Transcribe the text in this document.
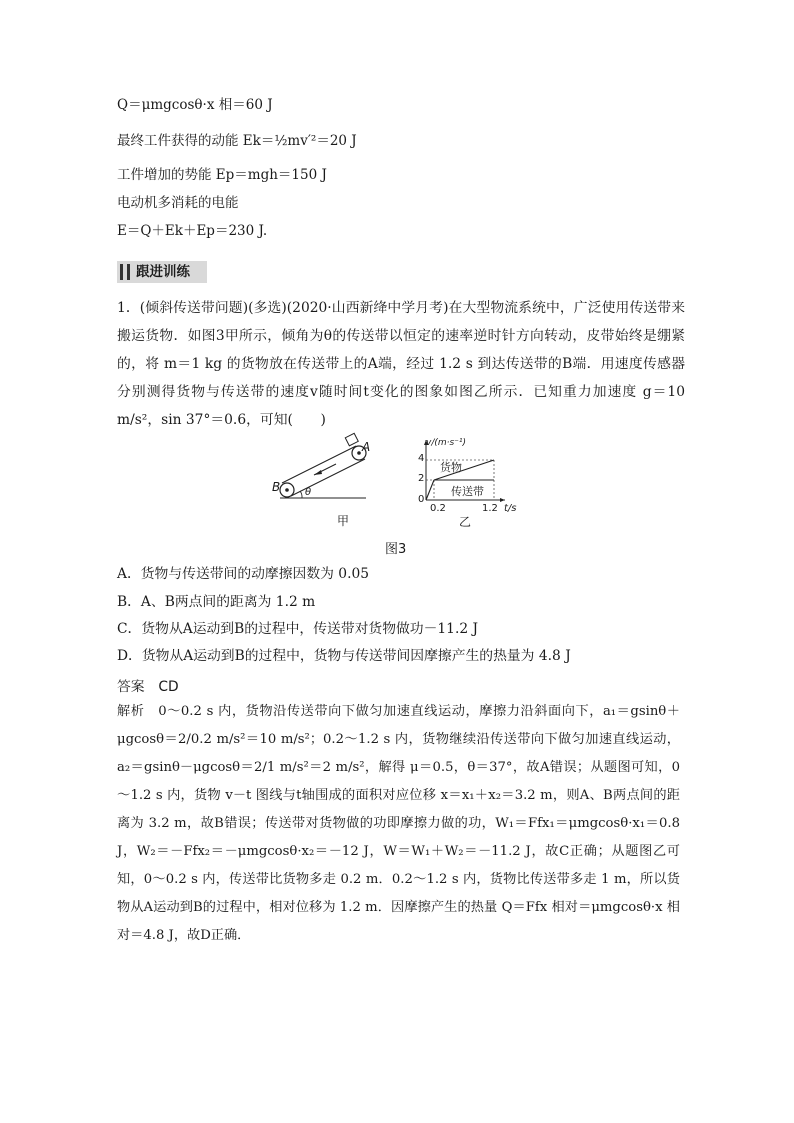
Q＝μmgcosθ·x 相＝60 J
最终工件获得的动能 Ek＝½mv′²＝20 J
工件增加的势能 Ep＝mgh＝150 J
电动机多消耗的电能
E＝Q＋Ek＋Ep＝230 J.
跟进训练
1．(倾斜传送带问题)(多选)(2020·山西新绛中学月考)在大型物流系统中，广泛使用传送带来搬运货物．如图3甲所示，倾角为θ的传送带以恒定的速率逆时针方向转动，皮带始终是绷紧的，将 m＝1 kg 的货物放在传送带上的A端，经过 1.2 s 到达传送带的B端．用速度传感器分别测得货物与传送带的速度v随时间t变化的图象如图乙所示．已知重力加速度 g＝10 m/s²，sin 37°＝0.6，可知(　　)
A
B θ
甲
v/(m·s⁻¹)
4
2
0
0.2	1.2 t/s
货物
传送带
乙
图3
A．货物与传送带间的动摩擦因数为 0.05
B．A、B两点间的距离为 1.2 m
C．货物从A运动到B的过程中，传送带对货物做功－11.2 J
D．货物从A运动到B的过程中，货物与传送带间因摩擦产生的热量为 4.8 J
答案　CD
解析　0～0.2 s 内，货物沿传送带向下做匀加速直线运动，摩擦力沿斜面向下，a₁＝gsinθ＋μgcosθ＝2/0.2 m/s²＝10 m/s²；0.2～1.2 s 内，货物继续沿传送带向下做匀加速直线运动，a₂＝gsinθ－μgcosθ＝2/1 m/s²＝2 m/s²，解得 μ＝0.5，θ＝37°，故A错误；从题图可知，0～1.2 s 内，货物 v－t 图线与t轴围成的面积对应位移 x＝x₁＋x₂＝3.2 m，则A、B两点间的距离为 3.2 m，故B错误；传送带对货物做的功即摩擦力做的功，W₁＝Ffx₁＝μmgcosθ·x₁＝0.8 J，W₂＝－Ffx₂＝－μmgcosθ·x₂＝－12 J，W＝W₁＋W₂＝－11.2 J，故C正确；从题图乙可知，0～0.2 s 内，传送带比货物多走 0.2 m．0.2～1.2 s 内，货物比传送带多走 1 m，所以货物从A运动到B的过程中，相对位移为 1.2 m．因摩擦产生的热量 Q＝Ffx 相对＝μmgcosθ·x 相对＝4.8 J，故D正确．
